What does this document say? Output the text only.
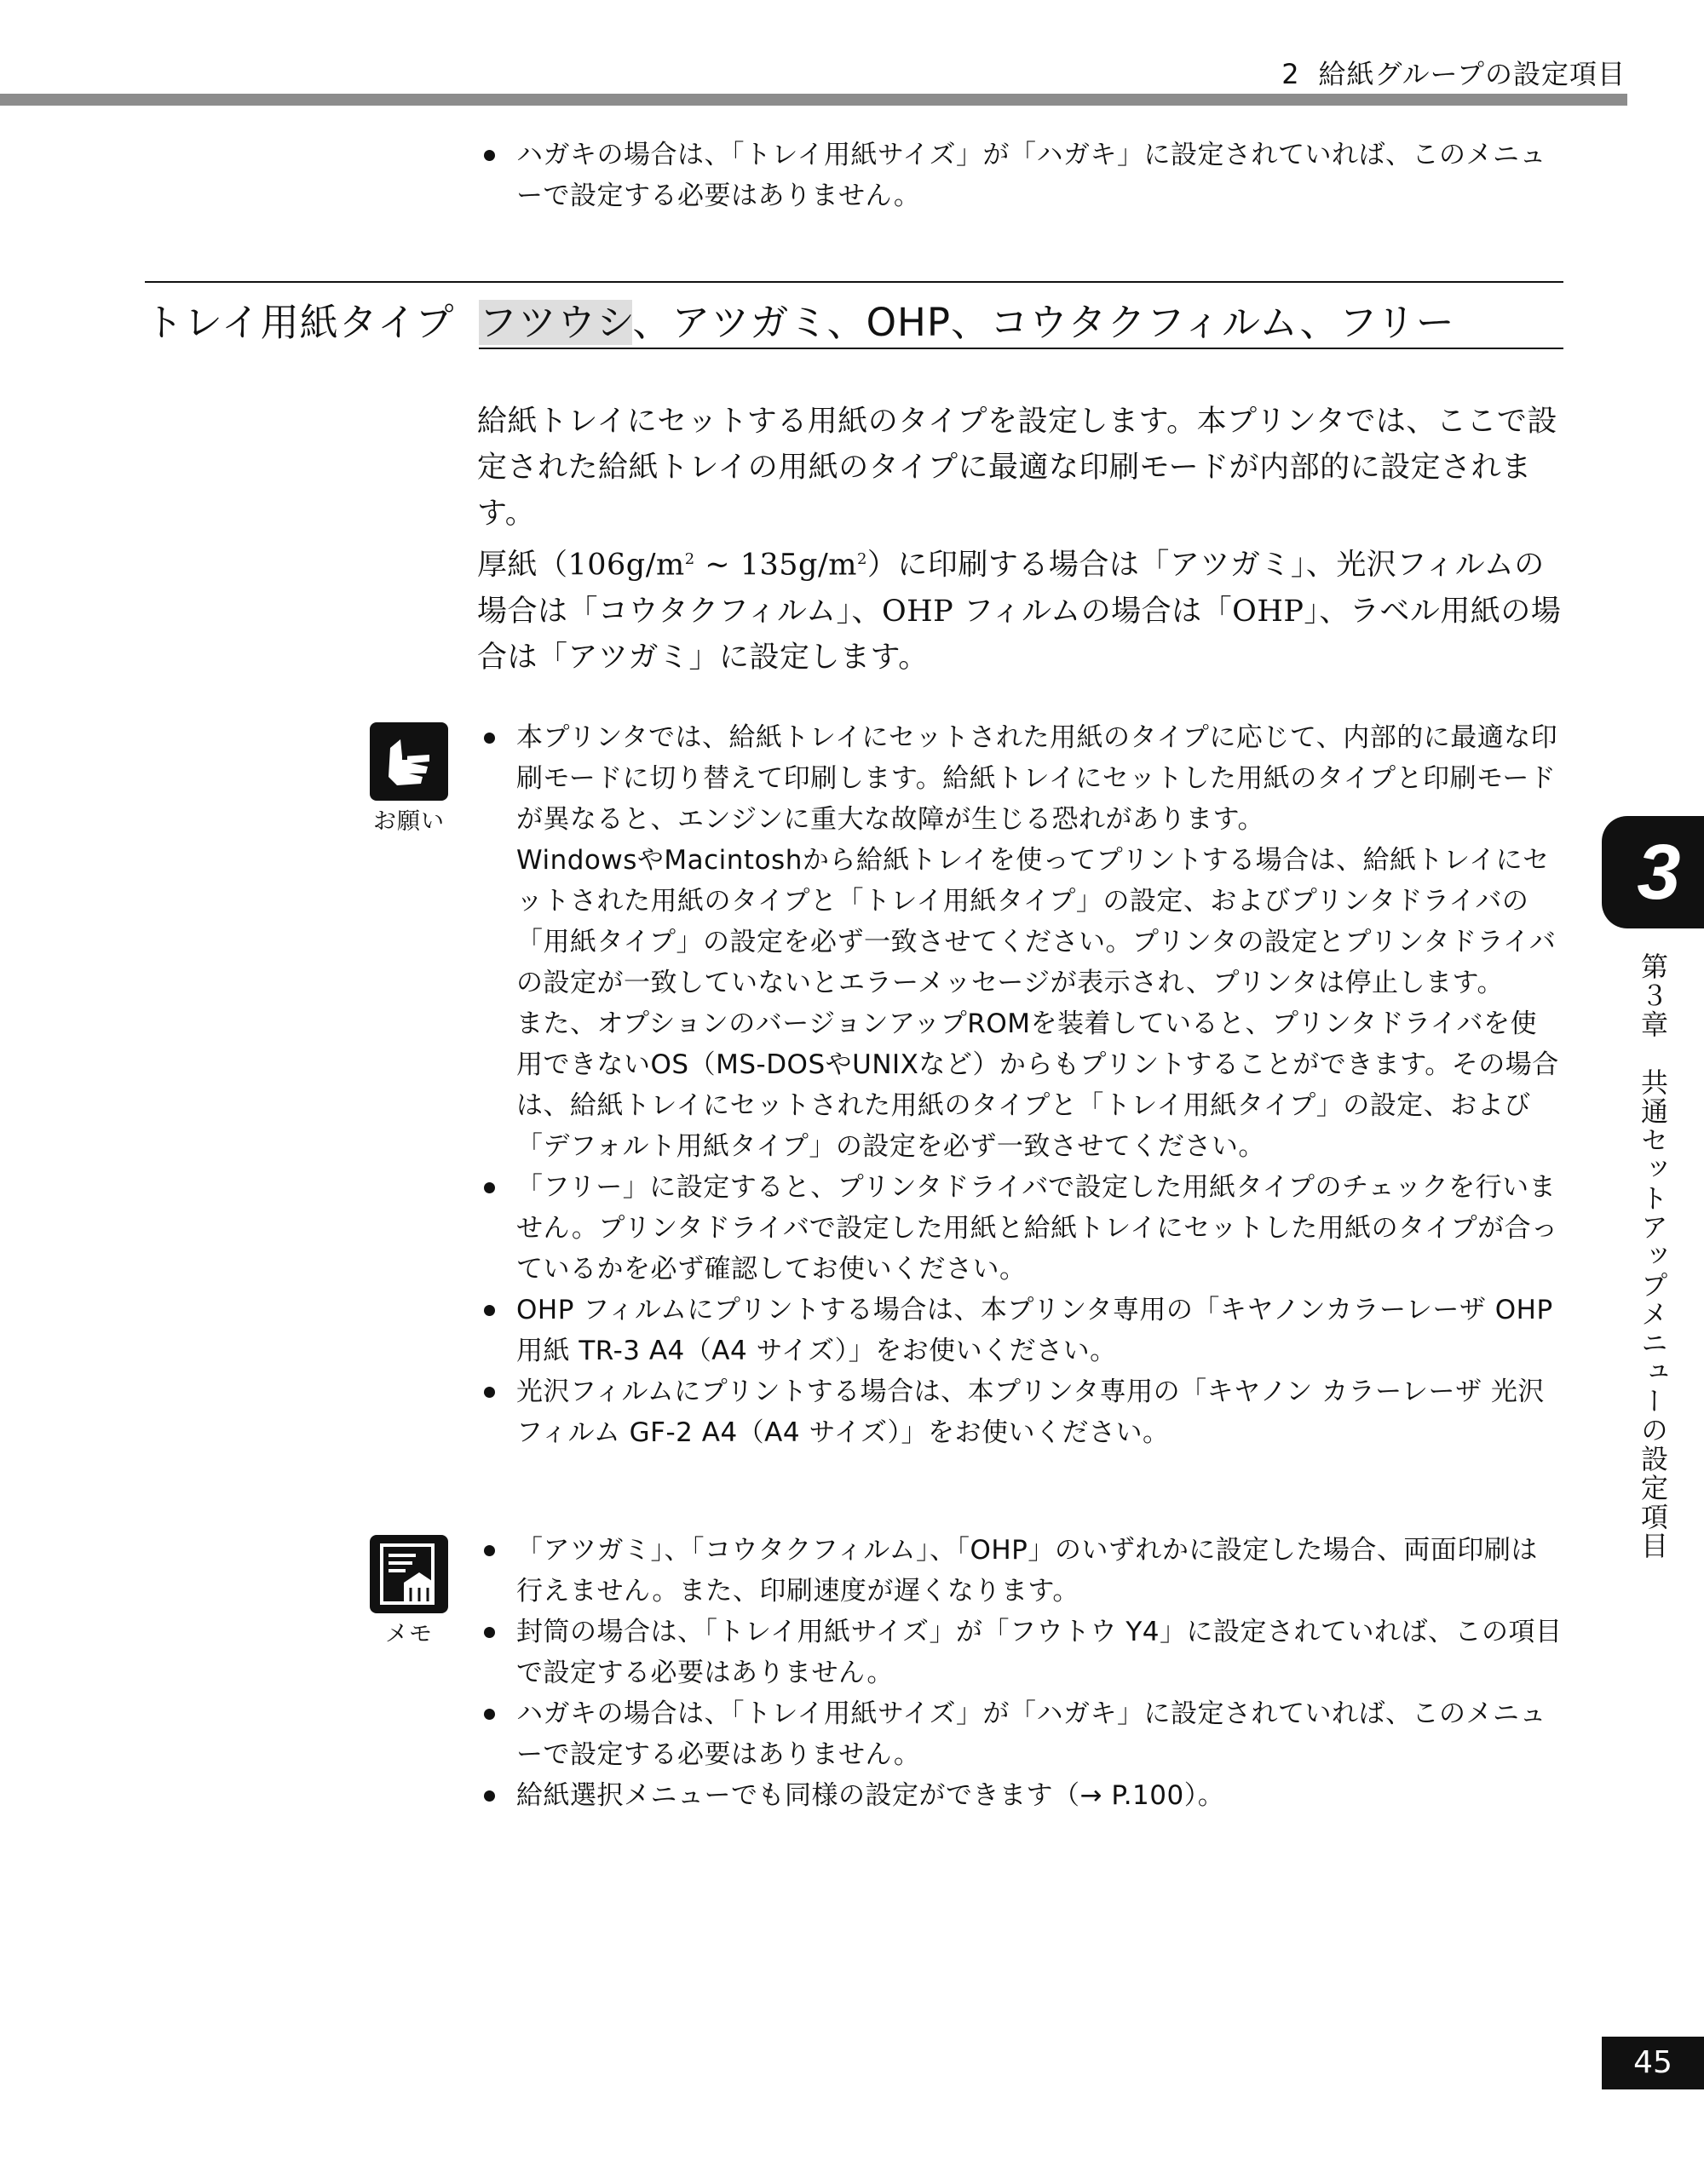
2 給紙グループの設定項目

ハガキの場合は、「トレイ用紙サイズ」が「ハガキ」に設定されていれば、このメニューで設定する必要はありません。

トレイ用紙タイプ フツウシ、アツガミ、OHP、コウタクフィルム、フリー

給紙トレイにセットする用紙のタイプを設定します。本プリンタでは、ここで設定された給紙トレイの用紙のタイプに最適な印刷モードが内部的に設定されます。

厚紙（$106g/m^2$ ~ $135g/m^2$）に印刷する場合は「アツガミ」、光沢フィルムの場合は「コウタクフィルム」、OHP フィルムの場合は「OHP」、ラベル用紙の場合は「アツガミ」に設定します。

お願い

本プリンタでは、給紙トレイにセットされた用紙のタイプに応じて、内部的に最適な印刷モードに切り替えて印刷します。給紙トレイにセットした用紙のタイプと印刷モードが異なると、エンジンに重大な故障が生じる恐れがあります。

WindowsやMacintoshから給紙トレイを使ってプリントする場合は、給紙トレイにセットされた用紙のタイプと「トレイ用紙タイプ」の設定、およびプリンタドライバの「用紙タイプ」の設定を必ず一致させてください。プリンタの設定とプリンタドライバの設定が一致していないとエラーメッセージが表示され、プリンタは停止します。

また、オプションのバージョンアップROMを装着していると、プリンタドライバを使用できないOS（MS-DOSやUNIXなど）からもプリントすることができます。その場合は、給紙トレイにセットされた用紙のタイプと「トレイ用紙タイプ」の設定、および「デフォルト用紙タイプ」の設定を必ず一致させてください。

「フリー」に設定すると、プリンタドライバで設定した用紙タイプのチェックを行いません。プリンタドライバで設定した用紙と給紙トレイにセットした用紙のタイプが合っているかを必ず確認してお使いください。

OHP フィルムにプリントする場合は、本プリンタ専用の「キヤノンカラーレーザ OHP 用紙 TR-3 A4（A4 サイズ）」をお使いください。

光沢フィルムにプリントする場合は、本プリンタ専用の「キヤノン カラーレーザ 光沢フィルム GF-2 A4（A4 サイズ）」をお使いください。

メモ

「アツガミ」、「コウタクフィルム」、「OHP」のいずれかに設定した場合、両面印刷は行えません。また、印刷速度が遅くなります。

封筒の場合は、「トレイ用紙サイズ」が「フウトウ Y4」に設定されていれば、この項目で設定する必要はありません。

ハガキの場合は、「トレイ用紙サイズ」が「ハガキ」に設定されていれば、このメニューで設定する必要はありません。

給紙選択メニューでも同様の設定ができます（→ P.100）。

3
第３章　共通セットアップメニューの設定項目
45
